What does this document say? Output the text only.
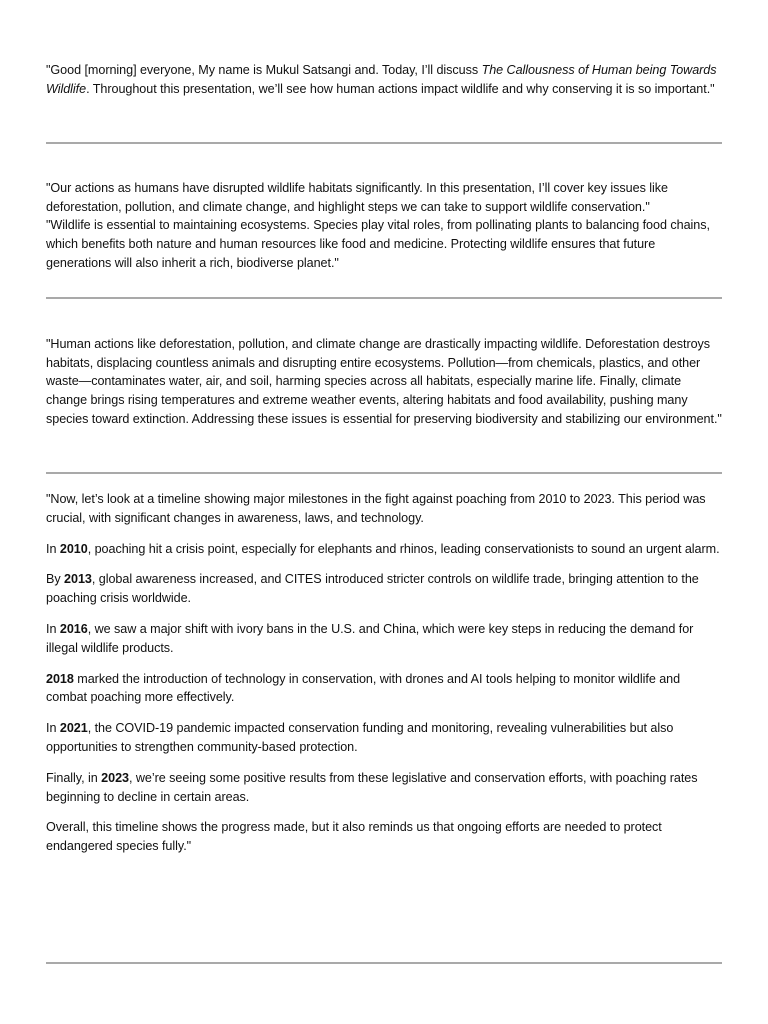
"Good [morning] everyone, My name is Mukul Satsangi and. Today, I’ll discuss The Callousness of Human being Towards Wildlife. Throughout this presentation, we’ll see how human actions impact wildlife and why conserving it is so important."

"Our actions as humans have disrupted wildlife habitats significantly. In this presentation, I’ll cover key issues like deforestation, pollution, and climate change, and highlight steps we can take to support wildlife conservation."

"Wildlife is essential to maintaining ecosystems. Species play vital roles, from pollinating plants to balancing food chains, which benefits both nature and human resources like food and medicine. Protecting wildlife ensures that future generations will also inherit a rich, biodiverse planet."

"Human actions like deforestation, pollution, and climate change are drastically impacting wildlife. Deforestation destroys habitats, displacing countless animals and disrupting entire ecosystems. Pollution—from chemicals, plastics, and other waste—contaminates water, air, and soil, harming species across all habitats, especially marine life. Finally, climate change brings rising temperatures and extreme weather events, altering habitats and food availability, pushing many species toward extinction. Addressing these issues is essential for preserving biodiversity and stabilizing our environment."

"Now, let’s look at a timeline showing major milestones in the fight against poaching from 2010 to 2023. This period was crucial, with significant changes in awareness, laws, and technology.

In 2010, poaching hit a crisis point, especially for elephants and rhinos, leading conservationists to sound an urgent alarm.

By 2013, global awareness increased, and CITES introduced stricter controls on wildlife trade, bringing attention to the poaching crisis worldwide.

In 2016, we saw a major shift with ivory bans in the U.S. and China, which were key steps in reducing the demand for illegal wildlife products.

2018 marked the introduction of technology in conservation, with drones and AI tools helping to monitor wildlife and combat poaching more effectively.

In 2021, the COVID-19 pandemic impacted conservation funding and monitoring, revealing vulnerabilities but also opportunities to strengthen community-based protection.

Finally, in 2023, we’re seeing some positive results from these legislative and conservation efforts, with poaching rates beginning to decline in certain areas.

Overall, this timeline shows the progress made, but it also reminds us that ongoing efforts are needed to protect endangered species fully."
